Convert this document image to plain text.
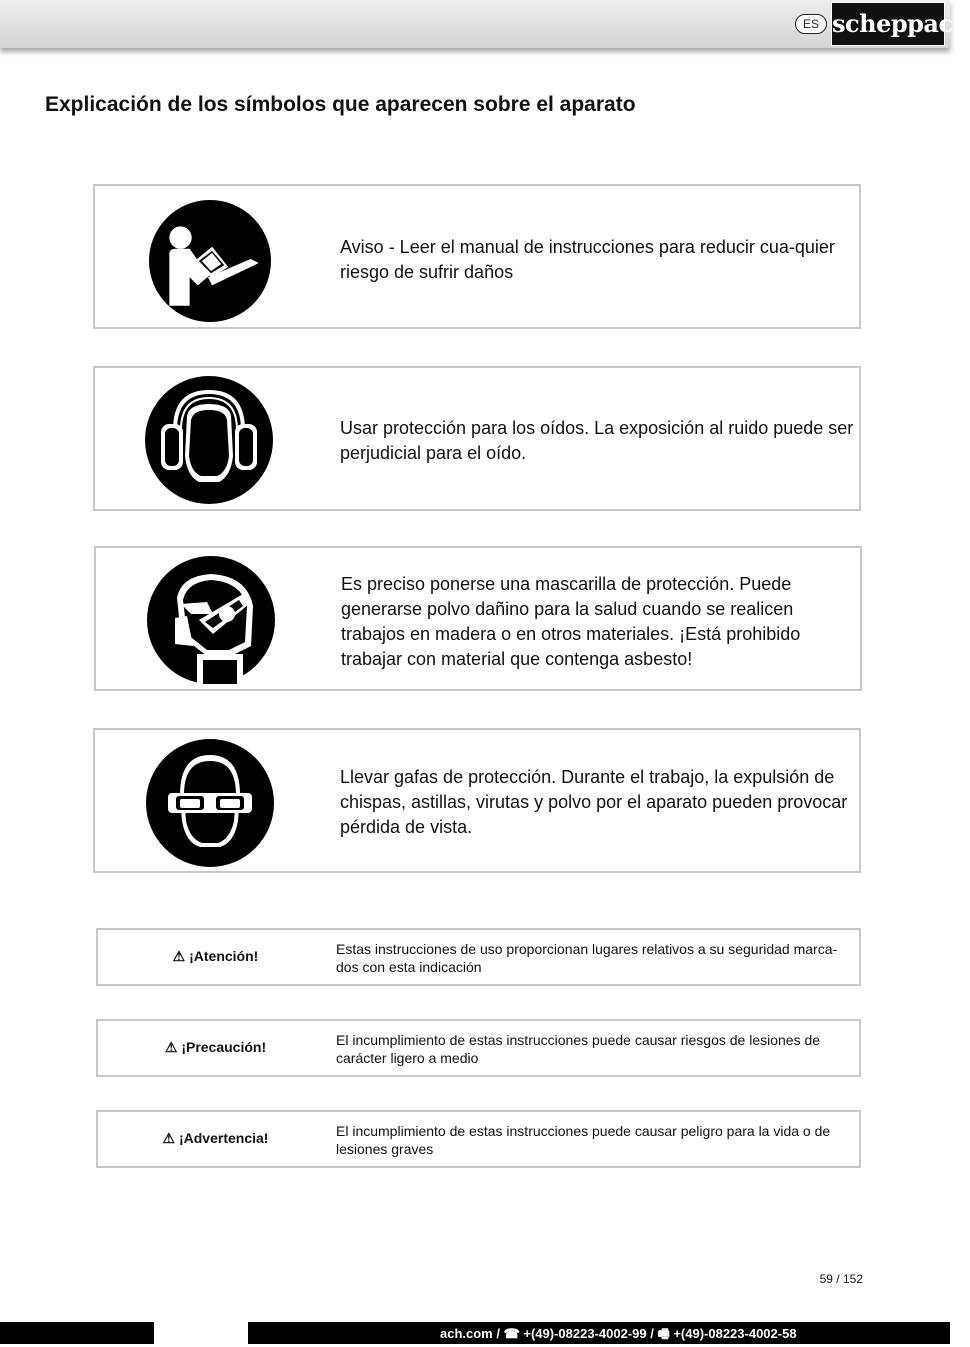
ES scheppach
Explicación de los símbolos que aparecen sobre el aparato
Aviso - Leer el manual de instrucciones para reducir cua-quier riesgo de sufrir daños
Usar protección para los oídos. La exposición al ruido puede ser perjudicial para el oído.
Es preciso ponerse una mascarilla de protección. Puede generarse polvo dañino para la salud cuando se realicen trabajos en madera o en otros materiales. ¡Está prohibido trabajar con material que contenga asbesto!
Llevar gafas de protección. Durante el trabajo, la expulsión de chispas, astillas, virutas y polvo por el aparato pueden provocar pérdida de vista.
⚠ ¡Atención!	Estas instrucciones de uso proporcionan lugares relativos a su seguridad marca-dos con esta indicación
⚠ ¡Precaución!	El incumplimiento de estas instrucciones puede causar riesgos de lesiones de carácter ligero a medio
⚠ ¡Advertencia!	El incumplimiento de estas instrucciones puede causar peligro para la vida o de lesiones graves
59 / 152
ach.com / ☎ +(49)-08223-4002-99 / 🖷 +(49)-08223-4002-58
